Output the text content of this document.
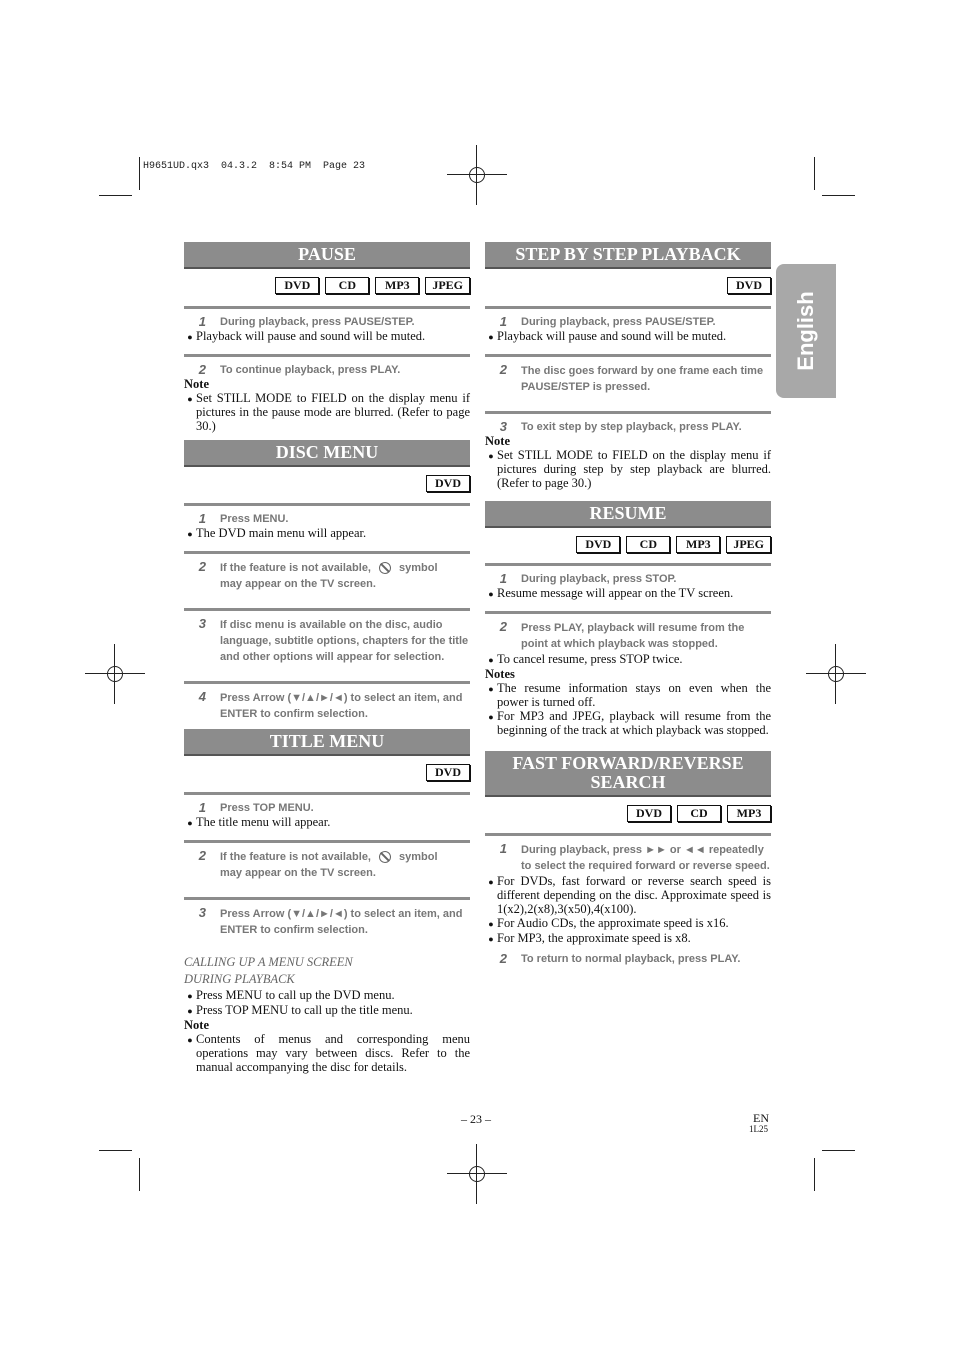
H9651UD.qx3  04.3.2  8:54 PM  Page 23
English
PAUSE
DVD	CD	MP3	JPEG
1	During playback, press PAUSE/STEP.
● Playback will pause and sound will be muted.
2	To continue playback, press PLAY.
Note
● Set STILL MODE to FIELD on the display menu if pictures in the pause mode are blurred. (Refer to page 30.)
DISC MENU
DVD
1	Press MENU.
● The DVD main menu will appear.
2	If the feature is not available,	symbol
may appear on the TV screen.
3	If disc menu is available on the disc, audio language, subtitle options, chapters for the title and other options will appear for selection.
4	Press Arrow (▼/▲/►/◄) to select an item, and ENTER to confirm selection.
TITLE MENU
DVD
1	Press TOP MENU.
● The title menu will appear.
2	If the feature is not available,	symbol
may appear on the TV screen.
3	Press Arrow (▼/▲/►/◄) to select an item, and ENTER to confirm selection.
CALLING UP A MENU SCREEN
DURING PLAYBACK
● Press MENU to call up the DVD menu.
● Press TOP MENU to call up the title menu.
Note
● Contents of menus and corresponding menu operations may vary between discs. Refer to the manual accompanying the disc for details.
STEP BY STEP PLAYBACK
DVD
1	During playback, press PAUSE/STEP.
● Playback will pause and sound will be muted.
2	The disc goes forward by one frame each time PAUSE/STEP is pressed.
3	To exit step by step playback, press PLAY.
Note
● Set STILL MODE to FIELD on the display menu if pictures during step by step playback are blurred. (Refer to page 30.)
RESUME
DVD	CD	MP3	JPEG
1	During playback, press STOP.
● Resume message will appear on the TV screen.
2	Press PLAY, playback will resume from the point at which playback was stopped.
● To cancel resume, press STOP twice.
Notes
● The resume information stays on even when the power is turned off.
● For MP3 and JPEG, playback will resume from the beginning of the track at which playback was stopped.
FAST FORWARD/REVERSE SEARCH
DVD	CD	MP3
1	During playback, press ►► or ◄◄ repeatedly to select the required forward or reverse speed.
● For DVDs, fast forward or reverse search speed is different depending on the disc. Approximate speed is 1(x2),2(x8),3(x50),4(x100).
● For Audio CDs, the approximate speed is x16.
● For MP3, the approximate speed is x8.
2	To return to normal playback, press PLAY.
– 23 –	EN
1L25
